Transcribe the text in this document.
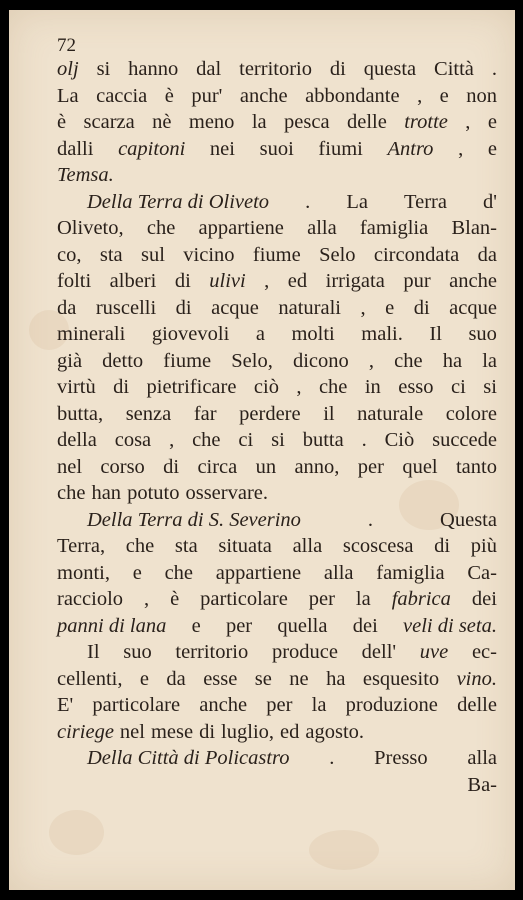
72
olj si hanno dal territorio di questa Città .
La caccia è pur' anche abbondante , e non
è scarza nè meno la pesca delle trotte , e
dalli capitoni nei suoi fiumi Antro , e
Temsa.
Della Terra di Oliveto . La Terra d'
Oliveto, che appartiene alla famiglia Blan-
co, sta sul vicino fiume Selo circondata da
folti alberi di ulivi , ed irrigata pur anche
da ruscelli di acque naturali , e di acque
minerali giovevoli a molti mali. Il suo
già detto fiume Selo, dicono , che ha la
virtù di pietrificare ciò , che in esso ci si
butta, senza far perdere il naturale colore
della cosa , che ci si butta . Ciò succede
nel corso di circa un anno, per quel tanto
che han potuto osservare.
Della Terra di S. Severino	.	Questa
Terra, che sta situata alla scoscesa di più
monti, e che appartiene alla famiglia Ca-
racciolo , è particolare per la fabrica dei
panni di lana e per quella dei veli di seta.
Il suo territorio produce dell' uve ec-
cellenti, e da esse se ne ha esquesito vino.
E' particolare anche per la produzione delle
ciriege nel mese di luglio, ed agosto.
Della Città di Policastro . Presso alla
Ba-
